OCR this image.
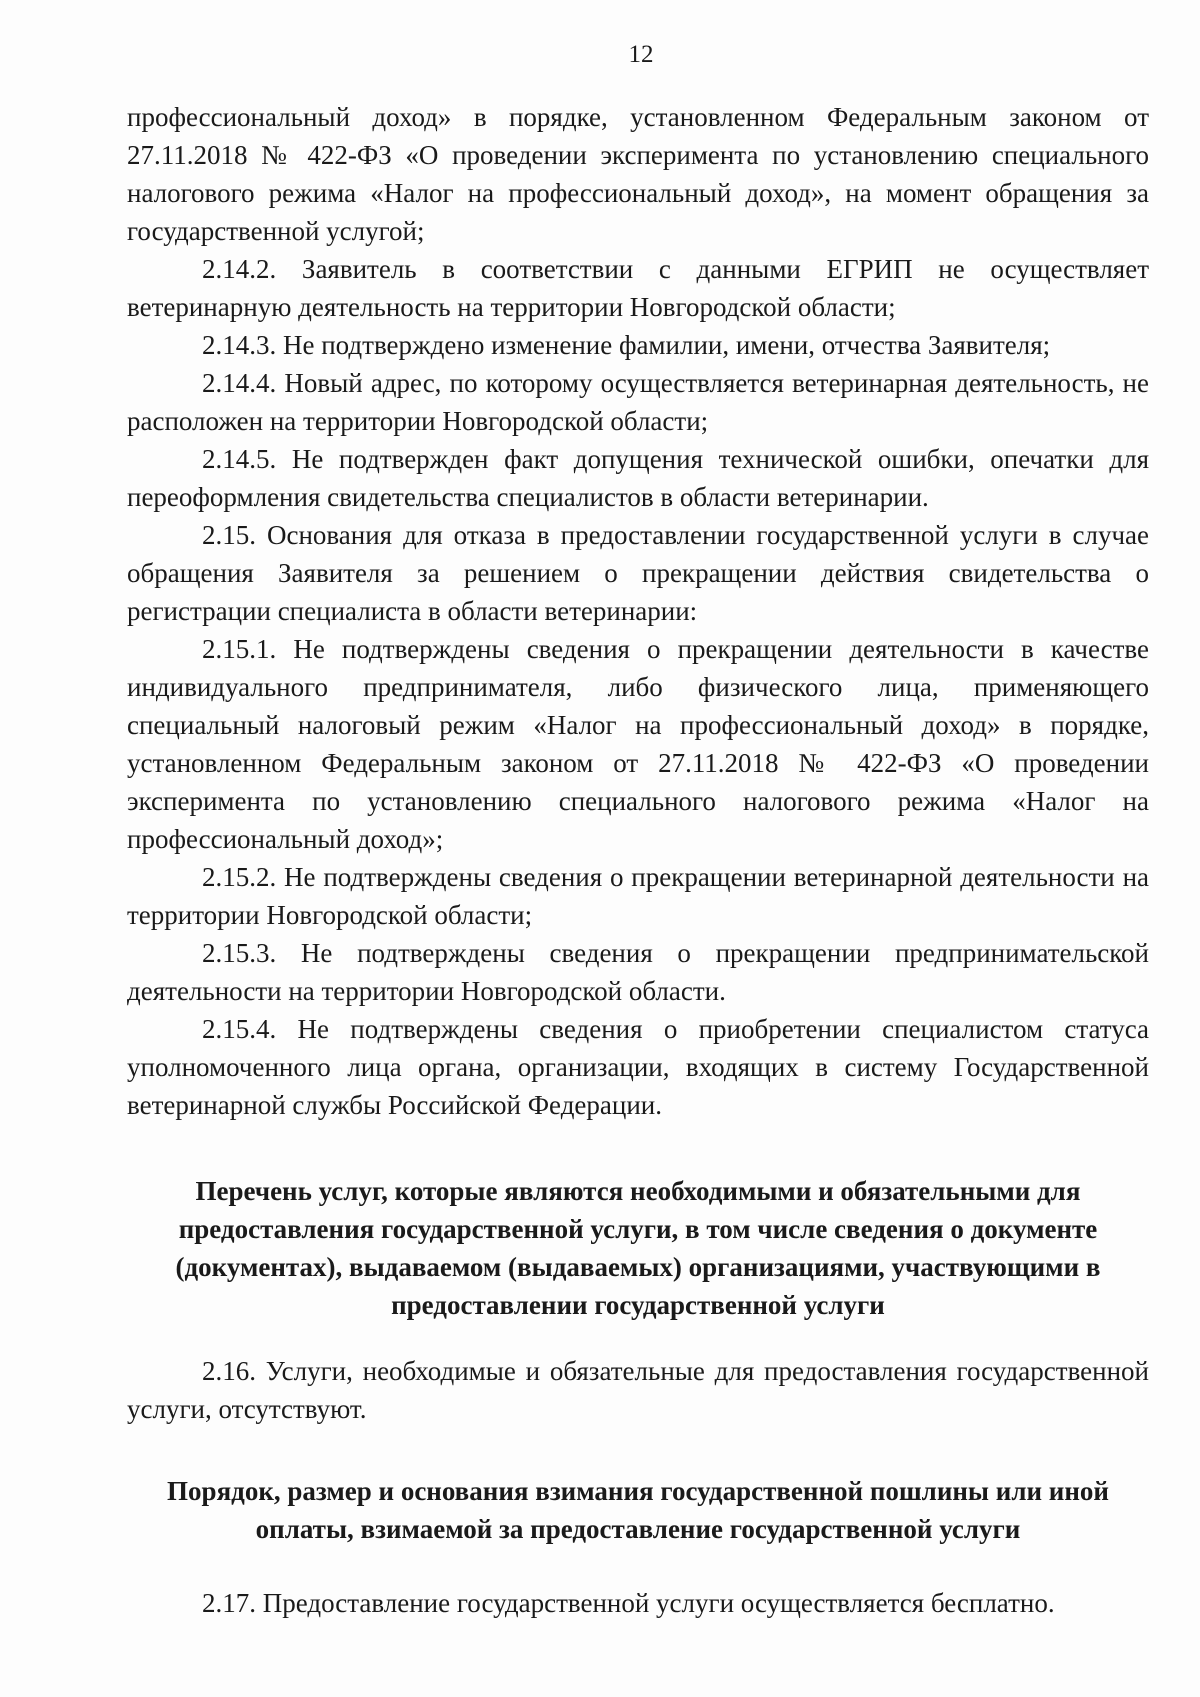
12

профессиональный доход» в порядке, установленном Федеральным законом от 27.11.2018 № 422-ФЗ «О проведении эксперимента по установлению специального налогового режима «Налог на профессиональный доход», на момент обращения за государственной услугой;

2.14.2. Заявитель в соответствии с данными ЕГРИП не осуществляет ветеринарную деятельность на территории Новгородской области;

2.14.3. Не подтверждено изменение фамилии, имени, отчества Заявителя;

2.14.4. Новый адрес, по которому осуществляется ветеринарная деятельность, не расположен на территории Новгородской области;

2.14.5. Не подтвержден факт допущения технической ошибки, опечатки для переоформления свидетельства специалистов в области ветеринарии.

2.15. Основания для отказа в предоставлении государственной услуги в случае обращения Заявителя за решением о прекращении действия свидетельства о регистрации специалиста в области ветеринарии:

2.15.1. Не подтверждены сведения о прекращении деятельности в качестве индивидуального предпринимателя, либо физического лица, применяющего специальный налоговый режим «Налог на профессиональный доход» в порядке, установленном Федеральным законом от 27.11.2018 № 422-ФЗ «О проведении эксперимента по установлению специального налогового режима «Налог на профессиональный доход»;

2.15.2. Не подтверждены сведения о прекращении ветеринарной деятельности на территории Новгородской области;

2.15.3. Не подтверждены сведения о прекращении предпринимательской деятельности на территории Новгородской области.

2.15.4. Не подтверждены сведения о приобретении специалистом статуса уполномоченного лица органа, организации, входящих в систему Государственной ветеринарной службы Российской Федерации.

Перечень услуг, которые являются необходимыми и обязательными для предоставления государственной услуги, в том числе сведения о документе (документах), выдаваемом (выдаваемых) организациями, участвующими в предоставлении государственной услуги

2.16. Услуги, необходимые и обязательные для предоставления государственной услуги, отсутствуют.

Порядок, размер и основания взимания государственной пошлины или иной оплаты, взимаемой за предоставление государственной услуги

2.17. Предоставление государственной услуги осуществляется бесплатно.
